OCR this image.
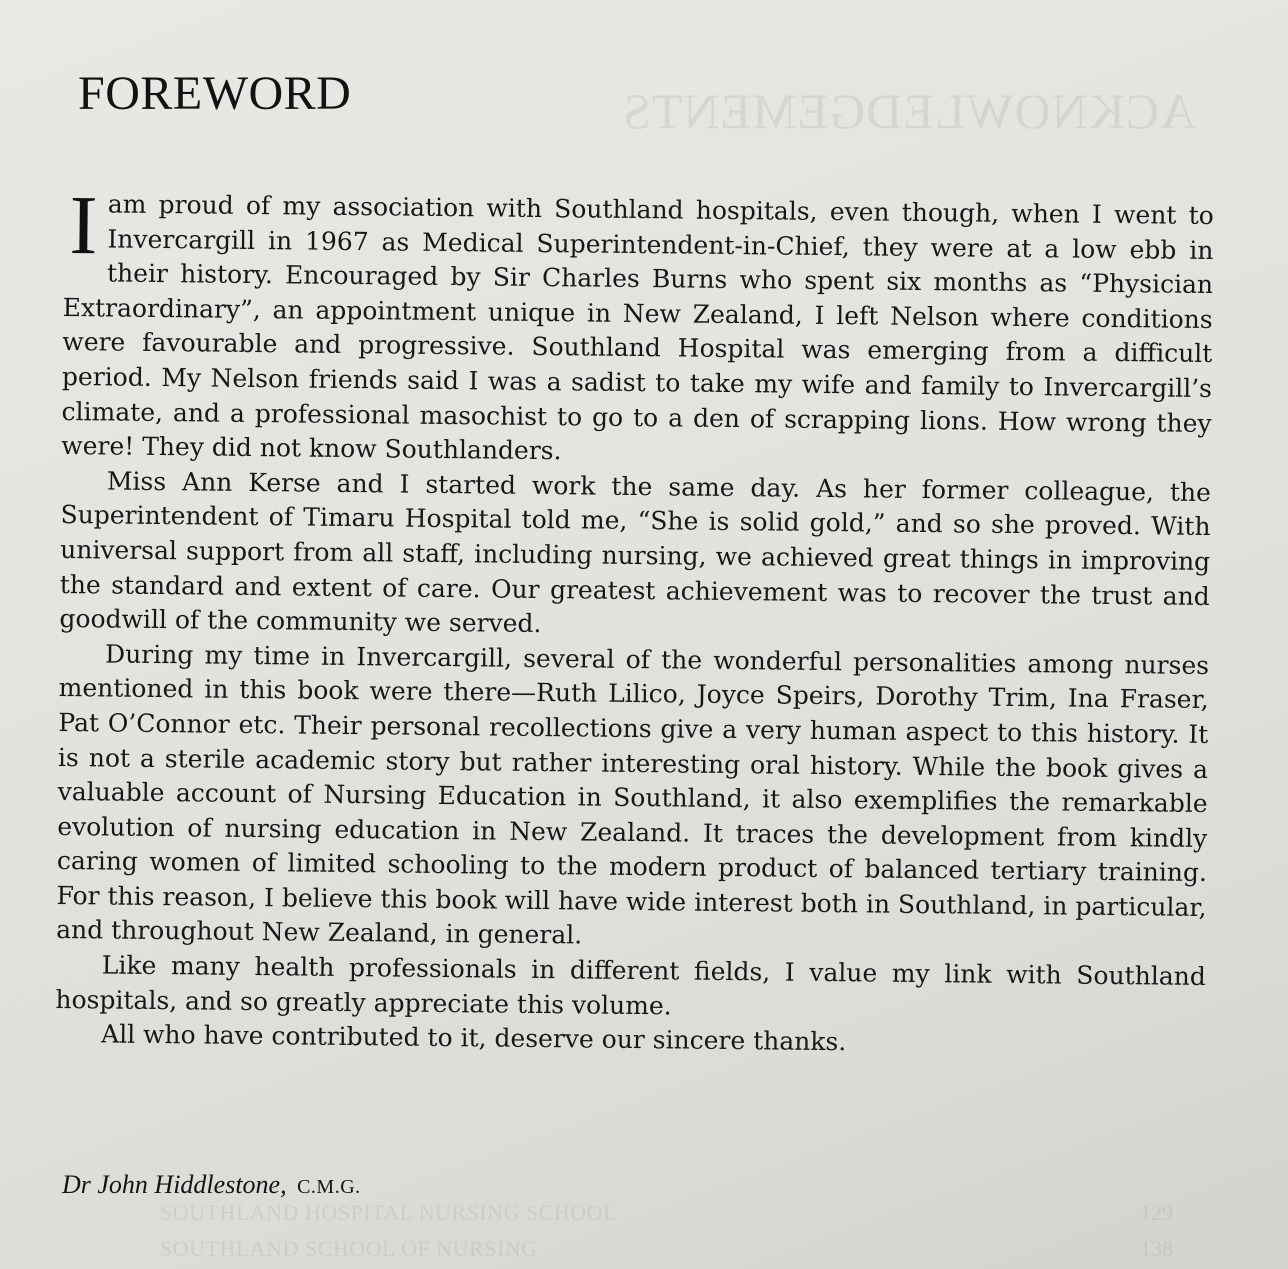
ACKNOWLEDGEMENTS
SOUTHLAND HOSPITAL NURSING SCHOOL
SOUTHLAND SCHOOL OF NURSING
129
138
FOREWORD

I am proud of my association with Southland hospitals, even though, when I went to Invercargill in 1967 as Medical Superintendent-in-Chief, they were at a low ebb in their history. Encouraged by Sir Charles Burns who spent six months as “Physician Extraordinary”, an appointment unique in New Zealand, I left Nelson where conditions were favourable and progressive. Southland Hospital was emerging from a difficult period. My Nelson friends said I was a sadist to take my wife and family to Invercargill’s climate, and a professional masochist to go to a den of scrapping lions. How wrong they were! They did not know Southlanders.

Miss Ann Kerse and I started work the same day. As her former colleague, the Superintendent of Timaru Hospital told me, “She is solid gold,” and so she proved. With universal support from all staff, including nursing, we achieved great things in improving the standard and extent of care. Our greatest achievement was to recover the trust and goodwill of the community we served.

During my time in Invercargill, several of the wonderful personalities among nurses mentioned in this book were there—Ruth Lilico, Joyce Speirs, Dorothy Trim, Ina Fraser, Pat O’Connor etc. Their personal recollections give a very human aspect to this history. It is not a sterile academic story but rather interesting oral history. While the book gives a valuable account of Nursing Education in Southland, it also exemplifies the remarkable evolution of nursing education in New Zealand. It traces the development from kindly caring women of limited schooling to the modern product of balanced tertiary training. For this reason, I believe this book will have wide interest both in Southland, in particular, and throughout New Zealand, in general.

Like many health professionals in different fields, I value my link with Southland hospitals, and so greatly appreciate this volume.

All who have contributed to it, deserve our sincere thanks.

Dr John Hiddlestone, C.M.G.
